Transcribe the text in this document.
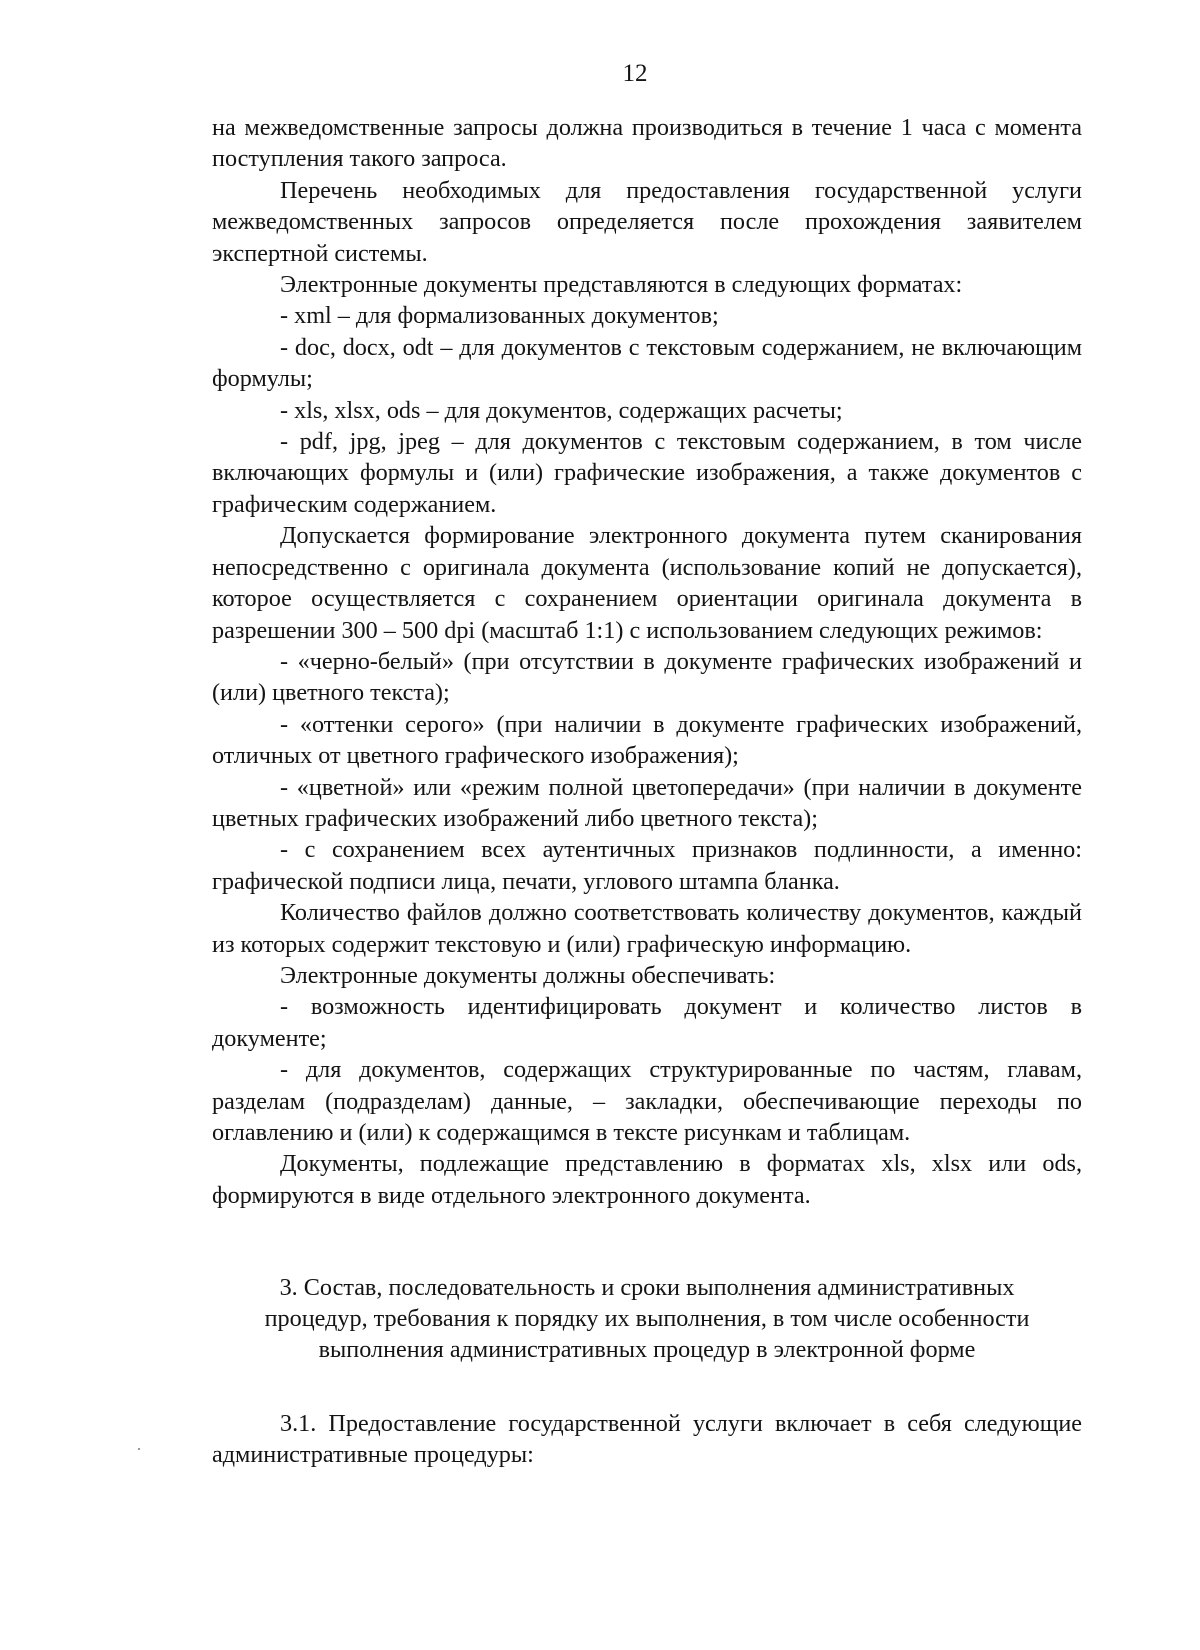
12

на межведомственные запросы должна производиться в течение 1 часа с момента поступления такого запроса.

Перечень необходимых для предоставления государственной услуги межведомственных запросов определяется после прохождения заявителем экспертной системы.

Электронные документы представляются в следующих форматах:

- xml – для формализованных документов;

- doc, docx, odt – для документов с текстовым содержанием, не включающим формулы;

- xls, xlsx, ods – для документов, содержащих расчеты;

- pdf, jpg, jpeg – для документов с текстовым содержанием, в том числе включающих формулы и (или) графические изображения, а также документов с графическим содержанием.

Допускается формирование электронного документа путем сканирования непосредственно с оригинала документа (использование копий не допускается), которое осуществляется с сохранением ориентации оригинала документа в разрешении 300 – 500 dpi (масштаб 1:1) с использованием следующих режимов:

- «черно-белый» (при отсутствии в документе графических изображений и (или) цветного текста);

- «оттенки серого» (при наличии в документе графических изображений, отличных от цветного графического изображения);

- «цветной» или «режим полной цветопередачи» (при наличии в документе цветных графических изображений либо цветного текста);

- с сохранением всех аутентичных признаков подлинности, а именно: графической подписи лица, печати, углового штампа бланка.

Количество файлов должно соответствовать количеству документов, каждый из которых содержит текстовую и (или) графическую информацию.

Электронные документы должны обеспечивать:

- возможность идентифицировать документ и количество листов в документе;

- для документов, содержащих структурированные по частям, главам, разделам (подразделам) данные, – закладки, обеспечивающие переходы по оглавлению и (или) к содержащимся в тексте рисункам и таблицам.

Документы, подлежащие представлению в форматах xls, xlsx или ods, формируются в виде отдельного электронного документа.

3. Состав, последовательность и сроки выполнения административных
процедур, требования к порядку их выполнения, в том числе особенности
выполнения административных процедур в электронной форме

3.1. Предоставление государственной услуги включает в себя следующие административные процедуры:
